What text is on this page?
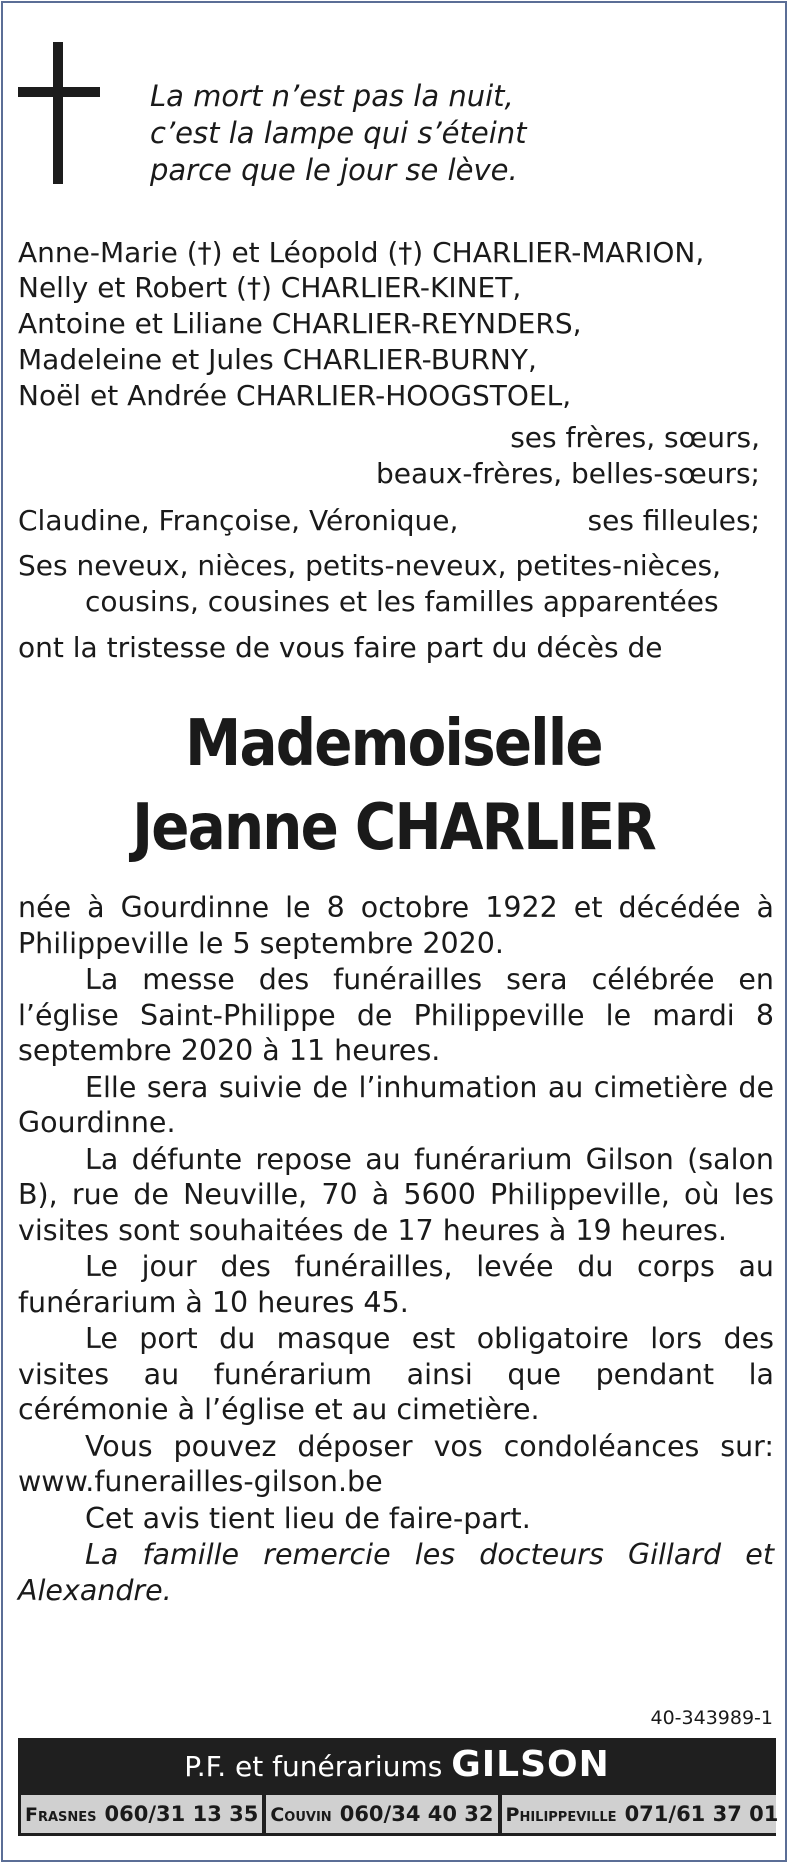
La mort n’est pas la nuit,
c’est la lampe qui s’éteint
parce que le jour se lève.
Anne-Marie (†) et Léopold (†) CHARLIER-MARION,
Nelly et Robert (†) CHARLIER-KINET,
Antoine et Liliane CHARLIER-REYNDERS,
Madeleine et Jules CHARLIER-BURNY,
Noël et Andrée CHARLIER-HOOGSTOEL,
ses frères, sœurs,
beaux-frères, belles-sœurs;
Claudine, Françoise, Véronique,	ses filleules;
Ses neveux, nièces, petits-neveux, petites-nièces,
cousins, cousines et les familles apparentées
ont la tristesse de vous faire part du décès de
Mademoiselle
Jeanne CHARLIER

née à Gourdinne le 8 octobre 1922 et décédée à Philippeville le 5 septembre 2020.

La messe des funérailles sera célébrée en l’église Saint-Philippe de Philippeville le mardi 8 septembre 2020 à 11 heures.

Elle sera suivie de l’inhumation au cimetière de Gourdinne.

La défunte repose au funérarium Gilson (salon B), rue de Neuville, 70 à 5600 Philippeville, où les visites sont souhaitées de 17 heures à 19 heures.

Le jour des funérailles, levée du corps au funérarium à 10 heures 45.

Le port du masque est obligatoire lors des visites au funérarium ainsi que pendant la cérémonie à l’église et au cimetière.

Vous pouvez déposer vos condoléances sur: www.funerailles-gilson.be

Cet avis tient lieu de faire-part.

La famille remercie les docteurs Gillard et Alexandre.

40-343989-1
P.F. et funérariums GILSON
Frasnes 060/31 13 35 Couvin 060/34 40 32 Philippeville 071/61 37 01
